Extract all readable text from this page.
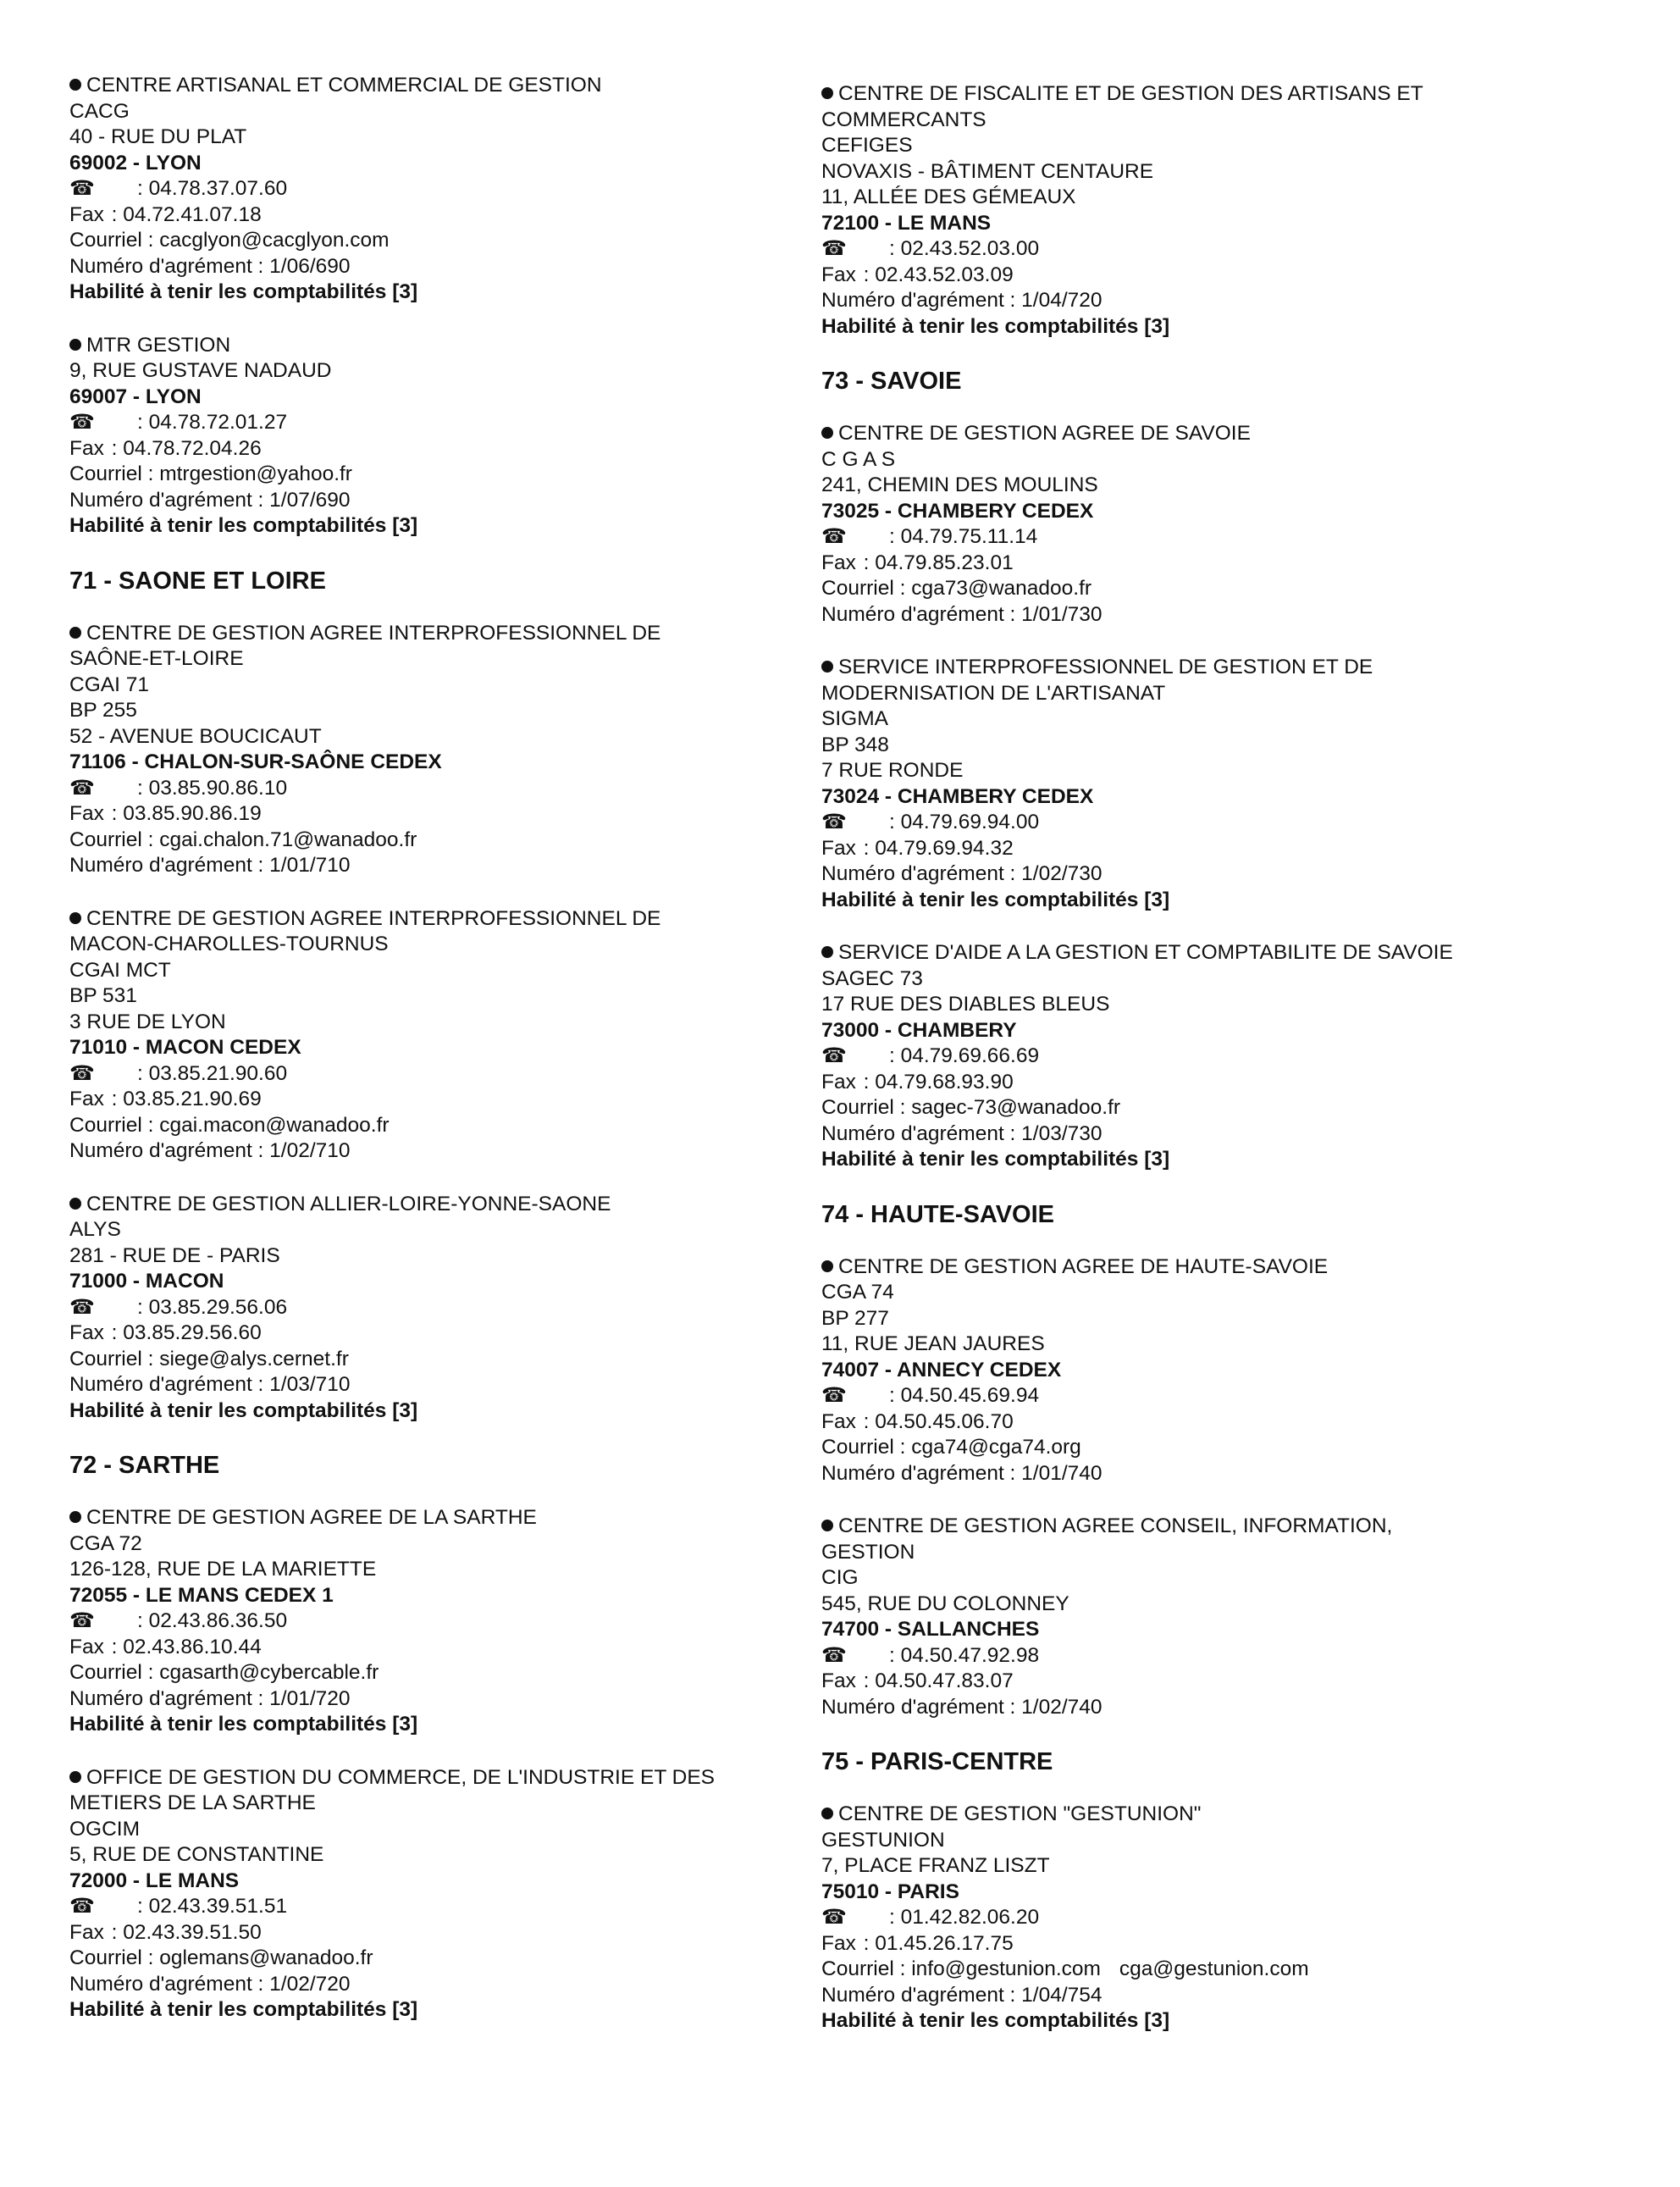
CENTRE ARTISANAL ET COMMERCIAL DE GESTION
CACG
40 - RUE DU PLAT
69002 - LYON
☎ : 04.78.37.07.60
Fax : 04.72.41.07.18
Courriel : cacglyon@cacglyon.com
Numéro d'agrément : 1/06/690
Habilité à tenir les comptabilités [3]
MTR GESTION
9, RUE GUSTAVE NADAUD
69007 - LYON
☎ : 04.78.72.01.27
Fax : 04.78.72.04.26
Courriel : mtrgestion@yahoo.fr
Numéro d'agrément : 1/07/690
Habilité à tenir les comptabilités [3]
71 - SAONE ET LOIRE
CENTRE DE GESTION AGREE INTERPROFESSIONNEL DE
SAÔNE-ET-LOIRE
CGAI 71
BP 255
52 - AVENUE BOUCICAUT
71106 - CHALON-SUR-SAÔNE CEDEX
☎ : 03.85.90.86.10
Fax : 03.85.90.86.19
Courriel : cgai.chalon.71@wanadoo.fr
Numéro d'agrément : 1/01/710
CENTRE DE GESTION AGREE INTERPROFESSIONNEL DE
MACON-CHAROLLES-TOURNUS
CGAI MCT
BP 531
3 RUE DE LYON
71010 - MACON CEDEX
☎ : 03.85.21.90.60
Fax : 03.85.21.90.69
Courriel : cgai.macon@wanadoo.fr
Numéro d'agrément : 1/02/710
CENTRE DE GESTION ALLIER-LOIRE-YONNE-SAONE
ALYS
281 - RUE DE - PARIS
71000 - MACON
☎ : 03.85.29.56.06
Fax : 03.85.29.56.60
Courriel : siege@alys.cernet.fr
Numéro d'agrément : 1/03/710
Habilité à tenir les comptabilités [3]
72 - SARTHE
CENTRE DE GESTION AGREE DE LA SARTHE
CGA 72
126-128, RUE DE LA MARIETTE
72055 - LE MANS CEDEX 1
☎ : 02.43.86.36.50
Fax : 02.43.86.10.44
Courriel : cgasarth@cybercable.fr
Numéro d'agrément : 1/01/720
Habilité à tenir les comptabilités [3]
OFFICE DE GESTION DU COMMERCE, DE L'INDUSTRIE ET DES
METIERS DE LA SARTHE
OGCIM
5, RUE DE CONSTANTINE
72000 - LE MANS
☎ : 02.43.39.51.51
Fax : 02.43.39.51.50
Courriel : oglemans@wanadoo.fr
Numéro d'agrément : 1/02/720
Habilité à tenir les comptabilités [3]
CENTRE DE FISCALITE ET DE GESTION DES ARTISANS ET
COMMERCANTS
CEFIGES
NOVAXIS - BÂTIMENT CENTAURE
11, ALLÉE DES GÉMEAUX
72100 - LE MANS
☎ : 02.43.52.03.00
Fax : 02.43.52.03.09
Numéro d'agrément : 1/04/720
Habilité à tenir les comptabilités [3]
73 - SAVOIE
CENTRE DE GESTION AGREE DE SAVOIE
C G A S
241, CHEMIN DES MOULINS
73025 - CHAMBERY CEDEX
☎ : 04.79.75.11.14
Fax : 04.79.85.23.01
Courriel : cga73@wanadoo.fr
Numéro d'agrément : 1/01/730
SERVICE INTERPROFESSIONNEL DE GESTION ET DE
MODERNISATION DE L'ARTISANAT
SIGMA
BP 348
7 RUE RONDE
73024 - CHAMBERY CEDEX
☎ : 04.79.69.94.00
Fax : 04.79.69.94.32
Numéro d'agrément : 1/02/730
Habilité à tenir les comptabilités [3]
SERVICE D'AIDE A LA GESTION ET COMPTABILITE DE SAVOIE
SAGEC 73
17 RUE DES DIABLES BLEUS
73000 - CHAMBERY
☎ : 04.79.69.66.69
Fax : 04.79.68.93.90
Courriel : sagec-73@wanadoo.fr
Numéro d'agrément : 1/03/730
Habilité à tenir les comptabilités [3]
74 - HAUTE-SAVOIE
CENTRE DE GESTION AGREE DE HAUTE-SAVOIE
CGA 74
BP 277
11, RUE JEAN JAURES
74007 - ANNECY CEDEX
☎ : 04.50.45.69.94
Fax : 04.50.45.06.70
Courriel : cga74@cga74.org
Numéro d'agrément : 1/01/740
CENTRE DE GESTION AGREE CONSEIL, INFORMATION,
GESTION
CIG
545, RUE DU COLONNEY
74700 - SALLANCHES
☎ : 04.50.47.92.98
Fax : 04.50.47.83.07
Numéro d'agrément : 1/02/740
75 - PARIS-CENTRE
CENTRE DE GESTION "GESTUNION"
GESTUNION
7, PLACE FRANZ LISZT
75010 - PARIS
☎ : 01.42.82.06.20
Fax : 01.45.26.17.75
Courriel : info@gestunion.com cga@gestunion.com
Numéro d'agrément : 1/04/754
Habilité à tenir les comptabilités [3]
